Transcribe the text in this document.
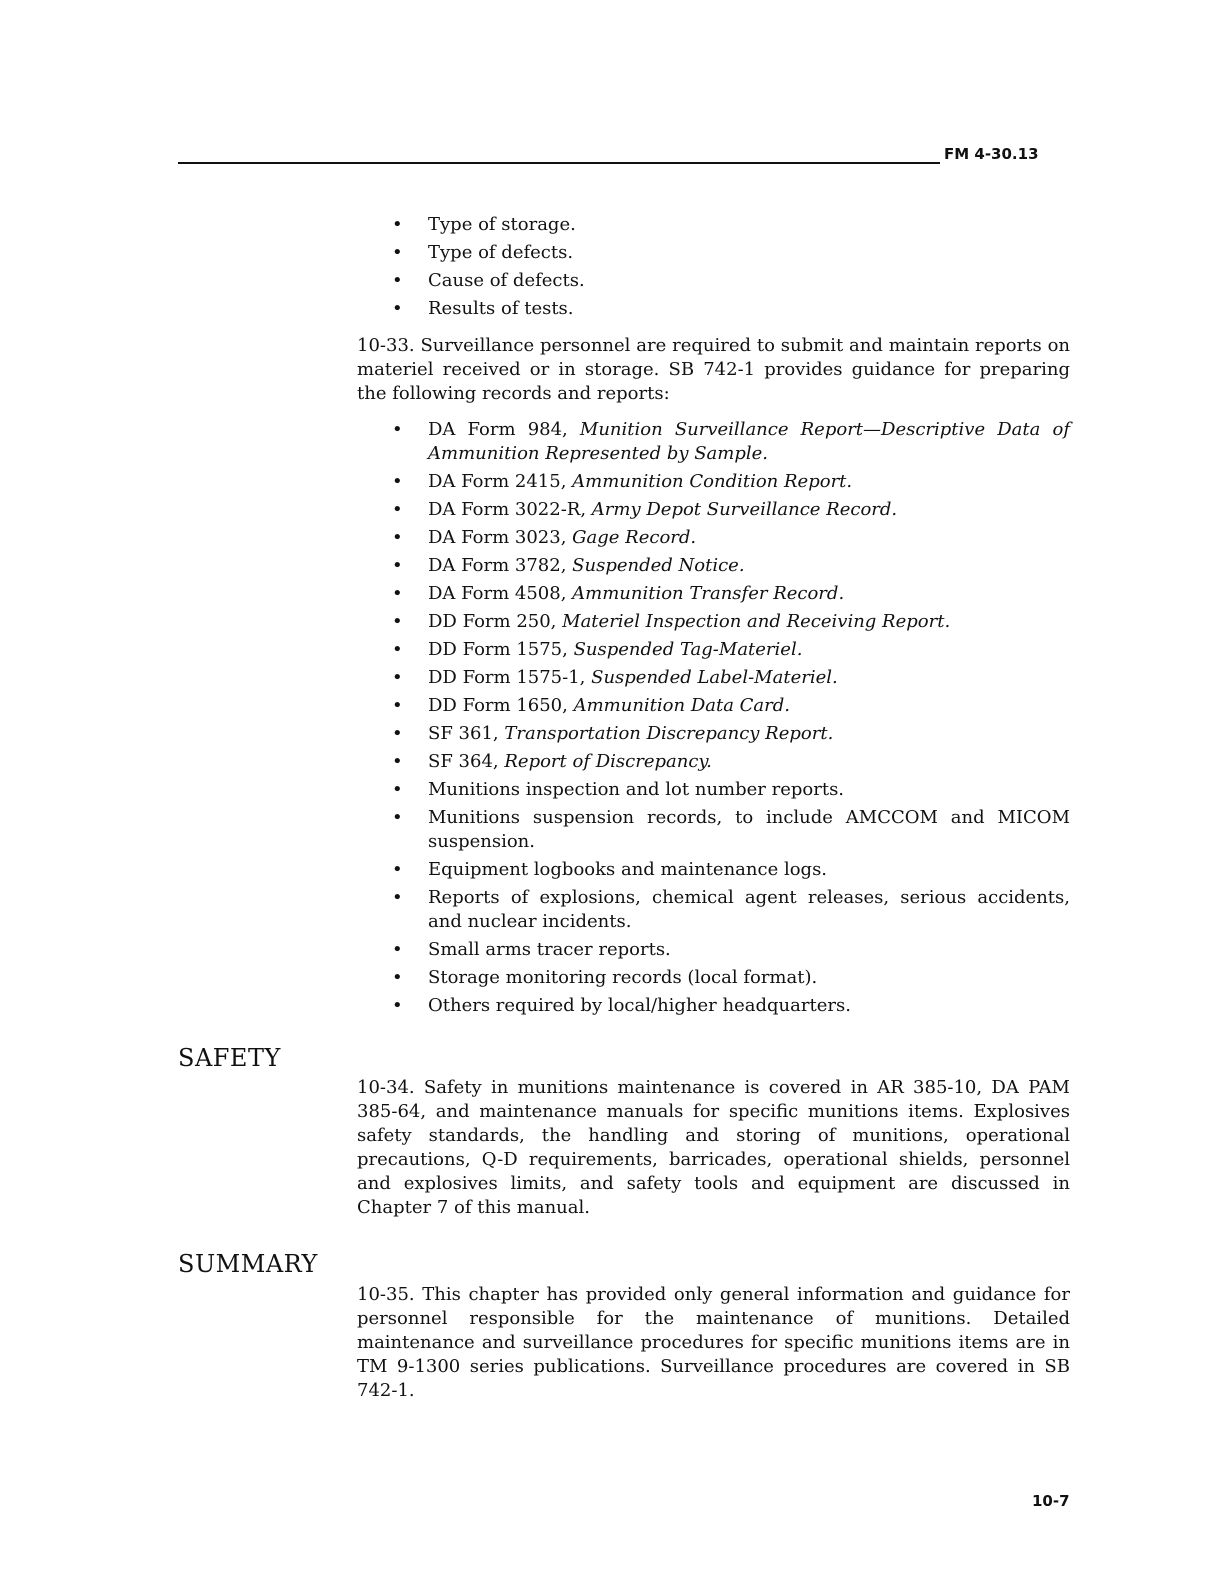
FM 4-30.13
• Type of storage.
• Type of defects.
• Cause of defects.
• Results of tests.

10-33. Surveillance personnel are required to submit and maintain reports on materiel received or in storage. SB 742-1 provides guidance for preparing the following records and reports:

• DA Form 984, Munition Surveillance Report—Descriptive Data of Ammunition Represented by Sample.
• DA Form 2415, Ammunition Condition Report.
• DA Form 3022-R, Army Depot Surveillance Record.
• DA Form 3023, Gage Record.
• DA Form 3782, Suspended Notice.
• DA Form 4508, Ammunition Transfer Record.
• DD Form 250, Materiel Inspection and Receiving Report.
• DD Form 1575, Suspended Tag-Materiel.
• DD Form 1575-1, Suspended Label-Materiel.
• DD Form 1650, Ammunition Data Card.
• SF 361, Transportation Discrepancy Report.
• SF 364, Report of Discrepancy.
• Munitions inspection and lot number reports.
• Munitions suspension records, to include AMCCOM and MICOM suspension.
• Equipment logbooks and maintenance logs.
• Reports of explosions, chemical agent releases, serious accidents, and nuclear incidents.
• Small arms tracer reports.
• Storage monitoring records (local format).
• Others required by local/higher headquarters.
SAFETY

10-34. Safety in munitions maintenance is covered in AR 385-10, DA PAM 385-64, and maintenance manuals for specific munitions items. Explosives safety standards, the handling and storing of munitions, operational precautions, Q-D requirements, barricades, operational shields, personnel and explosives limits, and safety tools and equipment are discussed in Chapter 7 of this manual.

SUMMARY

10-35. This chapter has provided only general information and guidance for personnel responsible for the maintenance of munitions. Detailed maintenance and surveillance procedures for specific munitions items are in TM 9-1300 series publications. Surveillance procedures are covered in SB 742-1.

10-7
